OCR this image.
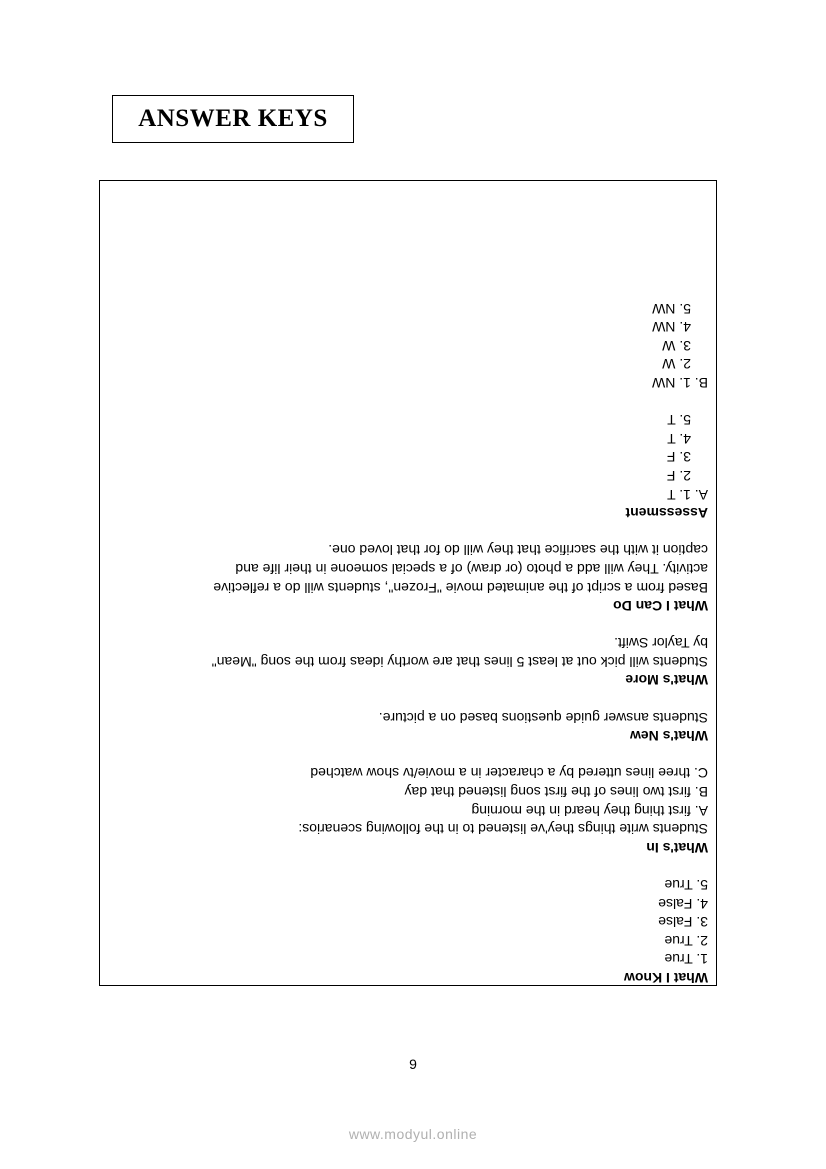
ANSWER KEYS
What I Know
1. True
2. True
3. False
4. False
5. True
What's In
Students write things they've listened to in the following scenarios:
A. first thing they heard in the morning
B. first two lines of the first song listened that day
C. three lines uttered by a character in a movie/tv show watched
What's New
Students answer guide questions based on a picture.
What's More
Students will pick out at least 5 lines that are worthy ideas from the song "Mean"
by Taylor Swift.
What I Can Do
Based from a script of the animated movie "Frozen", students will do a reflective
activity. They will add a photo (or draw) of a special someone in their life and
caption it with the sacrifice that they will do for that loved one.
Assessment
A. 1. T
2. F
3. F
4. T
5. T
B. 1. NW
2. W
3. W
4. NW
5. NW
9
www.modyul.online
